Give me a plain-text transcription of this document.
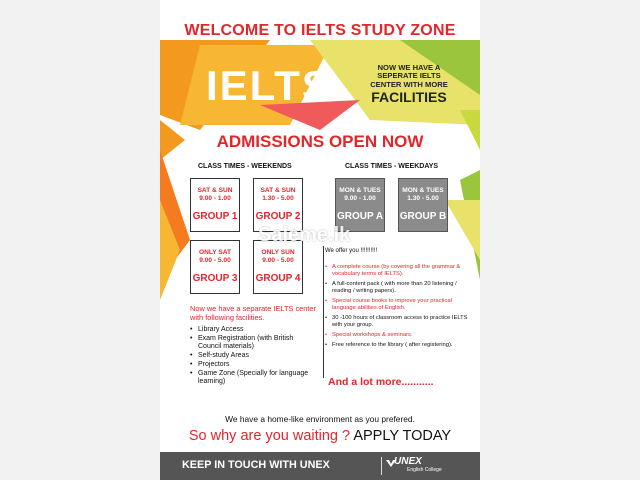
WELCOME TO IELTS STUDY ZONE
IELTS	NOW WE HAVE A
SEPERATE IELTS
CENTER WITH MORE
FACILITIES
ADMISSIONS OPEN NOW
CLASS TIMES - WEEKENDS	CLASS TIMES - WEEKDAYS
SAT & SUN
9.00 - 1.00
GROUP 1
SAT & SUN
1.30 - 5.00
GROUP 2
ONLY SAT
9.00 - 5.00
GROUP 3
ONLY SUN
9.00 - 5.00
GROUP 4
MON & TUES
9.00 - 1.00
GROUP A
MON & TUES
1.30 - 5.00
GROUP B
Saleme.lk
Now we have a separate IELTS center with following facilities.
• Library Access
• Exam Registration (with British Council materials)
• Self-study Areas
• Projectors
• Game Zone (Specially for language learning)
We offer you !!!!!!!!!!
• A complete course (by covering all the grammar & vocabulary terms of IELTS).
• A full-content pack ( with more than 20 listening / reading / writing papers).
• Special course books to improve your practical language abilities of English.
• 30 -100 hours of classroom access to practice IELTS with your group.
• Special workshops & seminars.
• Free reference to the library ( after registering).
And a lot more...........
We have a home-like environment as you prefered.
So why are you waiting ? APPLY TODAY
KEEP IN TOUCH WITH UNEX	UNEX
English College
